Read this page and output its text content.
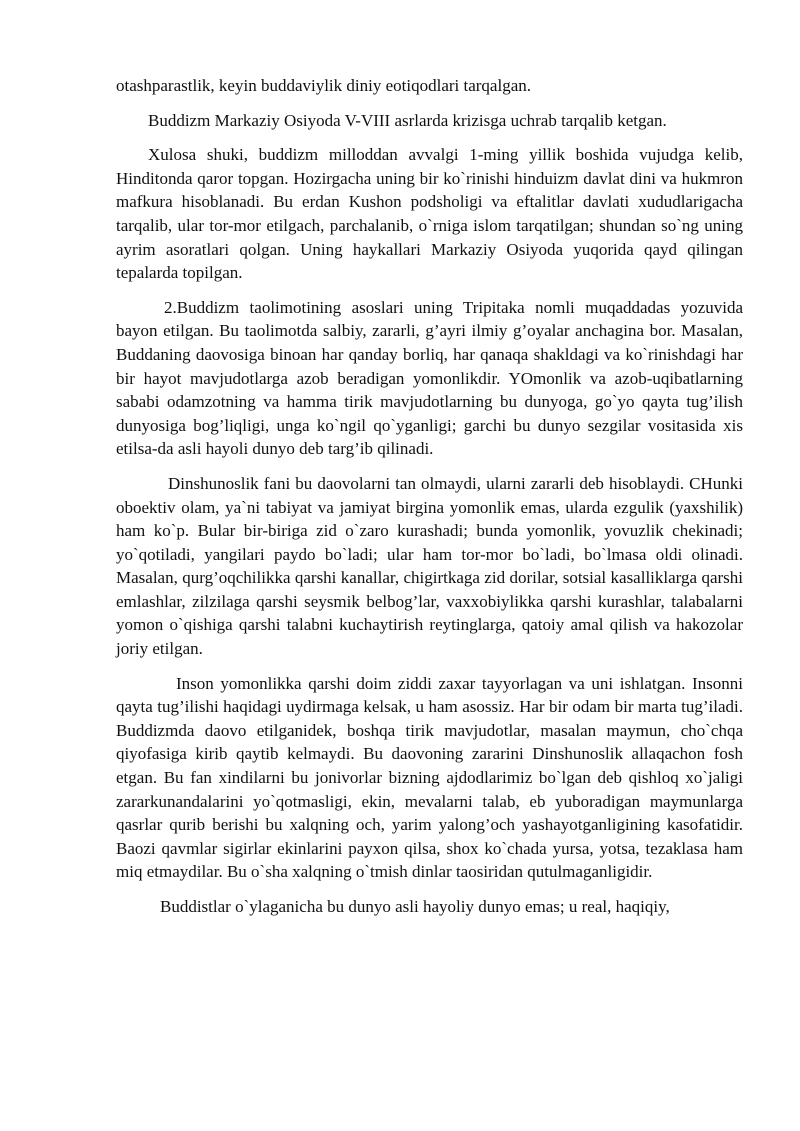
otashparastlik, keyin buddaviylik diniy eotiqodlari tarqalgan.

Buddizm Markaziy Osiyoda V-VIII asrlarda krizisga uchrab tarqalib ketgan.

Xulosa shuki, buddizm milloddan avvalgi 1-ming yillik boshida vujudga kelib, Hinditonda qaror topgan. Hozirgacha uning bir ko`rinishi hinduizm davlat dini va hukmron mafkura hisoblanadi. Bu erdan Kushon podsholigi va eftalitlar davlati xududlarigacha tarqalib, ular tor-mor etilgach, parchalanib, o`rniga islom tarqatilgan; shundan so`ng uning ayrim asoratlari qolgan. Uning haykallari Markaziy Osiyoda yuqorida qayd qilingan tepalarda topilgan.

2.Buddizm taolimotining asoslari uning Tripitaka nomli muqaddadas yozuvida bayon etilgan. Bu taolimotda salbiy, zararli, g’ayri ilmiy g’oyalar anchagina bor. Masalan, Buddaning daovosiga binoan har qanday borliq, har qanaqa shakldagi va ko`rinishdagi har bir hayot mavjudotlarga azob beradigan yomonlikdir. YOmonlik va azob-uqibatlarning sababi odamzotning va hamma tirik mavjudotlarning bu dunyoga, go`yo qayta tug’ilish dunyosiga bog’liqligi, unga ko`ngil qo`yganligi; garchi bu dunyo sezgilar vositasida xis etilsa-da asli hayoli dunyo deb targ’ib qilinadi.

Dinshunoslik fani bu daovolarni tan olmaydi, ularni zararli deb hisoblaydi. CHunki oboektiv olam, ya`ni tabiyat va jamiyat birgina yomonlik emas, ularda ezgulik (yaxshilik) ham ko`p. Bular bir-biriga zid o`zaro kurashadi; bunda yomonlik, yovuzlik chekinadi; yo`qotiladi, yangilari paydo bo`ladi; ular ham tor-mor bo`ladi, bo`lmasa oldi olinadi. Masalan, qurg’oqchilikka qarshi kanallar, chigirtkaga zid dorilar, sotsial kasalliklarga qarshi emlashlar, zilzilaga qarshi seysmik belbog’lar, vaxxobiylikka qarshi kurashlar, talabalarni yomon o`qishiga qarshi talabni kuchaytirish reytinglarga, qatoiy amal qilish va hakozolar joriy etilgan.

Inson yomonlikka qarshi doim ziddi zaxar tayyorlagan va uni ishlatgan. Insonni qayta tug’ilishi haqidagi uydirmaga kelsak, u ham asossiz. Har bir odam bir marta tug’iladi. Buddizmda daovo etilganidek, boshqa tirik mavjudotlar, masalan maymun, cho`chqa qiyofasiga kirib qaytib kelmaydi. Bu daovoning zararini Dinshunoslik allaqachon fosh etgan. Bu fan xindilarni bu jonivorlar bizning ajdodlarimiz bo`lgan deb qishloq xo`jaligi zararkunandalarini yo`qotmasligi, ekin, mevalarni talab, eb yuboradigan maymunlarga qasrlar qurib berishi bu xalqning och, yarim yalong’och yashayotganligining kasofatidir. Baozi qavmlar sigirlar ekinlarini payxon qilsa, shox ko`chada yursa, yotsa, tezaklasa ham miq etmaydilar. Bu o`sha xalqning o`tmish dinlar taosiridan qutulmaganligidir.

Buddistlar o`ylaganicha bu dunyo asli hayoliy dunyo emas; u real, haqiqiy,
